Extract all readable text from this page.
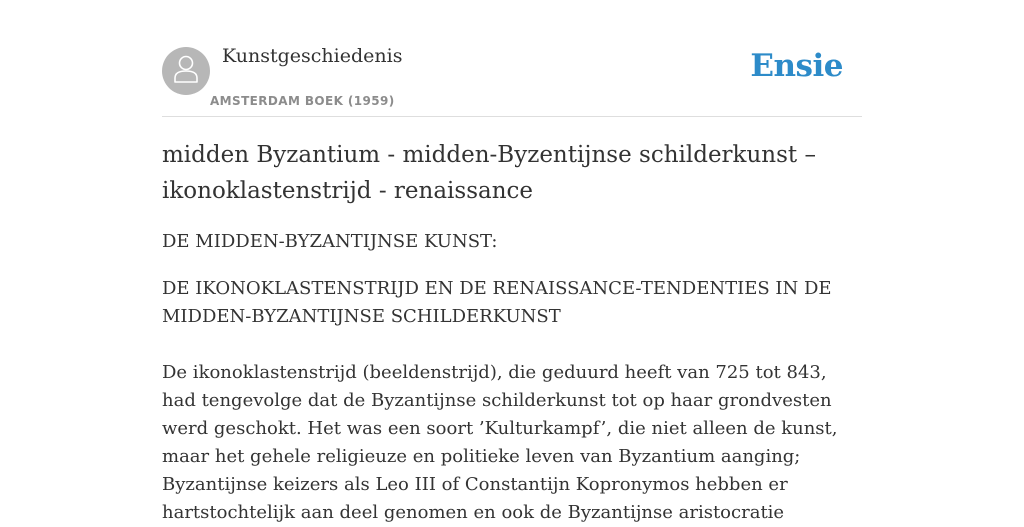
Kunstgeschiedenis
AMSTERDAM BOEK (1959)
Ensie
midden Byzantium - midden-Byzentijnse schilderkunst – ikonoklastenstrijd - renaissance
DE MIDDEN-BYZANTIJNSE KUNST:
DE IKONOKLASTENSTRIJD EN DE RENAISSANCE-TENDENTIES IN DE MIDDEN-BYZANTIJNSE SCHILDERKUNST

De ikonoklastenstrijd (beeldenstrijd), die geduurd heeft van 725 tot 843, had tengevolge dat de Byzantijnse schilderkunst tot op haar grondvesten werd geschokt. Het was een soort ’Kulturkampf’, die niet alleen de kunst, maar het gehele religieuze en politieke leven van Byzantium aanging; Byzantijnse keizers als Leo III of Constantijn Kopronymos hebben er hartstochtelijk aan deel genomen en ook de Byzantijnse aristocratie
